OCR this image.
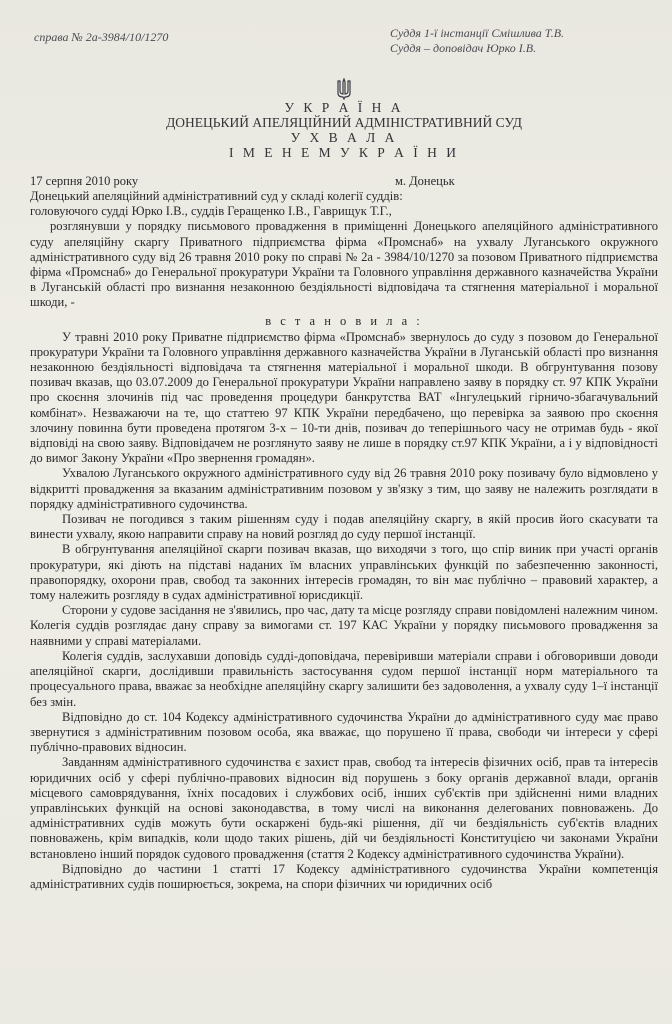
справа № 2а-3984/10/1270	Суддя 1-ї інстанції Смішлива Т.В.
Суддя – доповідач Юрко І.В.
У К Р А Ї Н А
ДОНЕЦЬКИЙ АПЕЛЯЦІЙНИЙ АДМІНІСТРАТИВНИЙ СУД
У Х В А Л А
І М Е Н Е М У К Р А Ї Н И
17 серпня 2010 року	м. Донецьк

Донецький апеляційний адміністративний суд у складі колегії суддів:

головуючого судді Юрко І.В., суддів Геращенко І.В., Гаврищук Т.Г.,

розглянувши у порядку письмового провадження в приміщенні Донецького апеляційного адміністративного суду апеляційну скаргу Приватного підприємства фірма «Промснаб» на ухвалу Луганського окружного адміністративного суду від 26 травня 2010 року по справі № 2а - 3984/10/1270 за позовом Приватного підприємства фірма «Промснаб» до Генеральної прокуратури України та Головного управління державного казначейства України в Луганській області про визнання незаконною бездіяльності відповідача та стягнення матеріальної і моральної шкоди, -

в с т а н о в и л а :

У травні 2010 року Приватне підприємство фірма «Промснаб» звернулось до суду з позовом до Генеральної прокуратури України та Головного управління державного казначейства України в Луганській області про визнання незаконною бездіяльності відповідача та стягнення матеріальної і моральної шкоди. В обгрунтування позову позивач вказав, що 03.07.2009 до Генеральної прокуратури України направлено заяву в порядку ст. 97 КПК України про скоєння злочинів під час проведення процедури банкрутства ВАТ «Інгулецький гірничо-збагачувальний комбінат». Незважаючи на те, що статтею 97 КПК України передбачено, що перевірка за заявою про скоєння злочину повинна бути проведена протягом 3-х – 10-ти днів, позивач до теперішнього часу не отримав будь - якої відповіді на свою заяву. Відповідачем не розглянуто заяву не лише в порядку ст.97 КПК України, а і у відповідності до вимог Закону України «Про звернення громадян».

Ухвалою Луганського окружного адміністративного суду від 26 травня 2010 року позивачу було відмовлено у відкритті провадження за вказаним адміністративним позовом у зв'язку з тим, що заяву не належить розглядати в порядку адміністративного судочинства.

Позивач не погодився з таким рішенням суду і подав апеляційну скаргу, в якій просив його скасувати та винести ухвалу, якою направити справу на новий розгляд до суду першої інстанції.

В обгрунтування апеляційної скарги позивач вказав, що виходячи з того, що спір виник при участі органів прокуратури, які діють на підставі наданих їм власних управлінських функцій по забезпеченню законності, правопорядку, охорони прав, свобод та законних інтересів громадян, то він має публічно – правовий характер, а тому належить розгляду в судах адміністративної юрисдикції.

Сторони у судове засідання не з'явились, про час, дату та місце розгляду справи повідомлені належним чином. Колегія суддів розглядає дану справу за вимогами ст. 197 КАС України у порядку письмового провадження за наявними у справі матеріалами.

Колегія суддів, заслухавши доповідь судді-доповідача, перевіривши матеріали справи і обговоривши доводи апеляційної скарги, дослідивши правильність застосування судом першої інстанції норм матеріального та процесуального права, вважає за необхідне апеляційну скаргу залишити без задоволення, а ухвалу суду 1–ї інстанції без змін.

Відповідно до ст. 104 Кодексу адміністративного судочинства України до адміністративного суду має право звернутися з адміністративним позовом особа, яка вважає, що порушено її права, свободи чи інтереси у сфері публічно-правових відносин.

Завданням адміністративного судочинства є захист прав, свобод та інтересів фізичних осіб, прав та інтересів юридичних осіб у сфері публічно-правових відносин від порушень з боку органів державної влади, органів місцевого самоврядування, їхніх посадових і службових осіб, інших суб'єктів при здійсненні ними владних управлінських функцій на основі законодавства, в тому числі на виконання делегованих повноважень. До адміністративних судів можуть бути оскаржені будь-які рішення, дії чи бездіяльність суб'єктів владних повноважень, крім випадків, коли щодо таких рішень, дій чи бездіяльності Конституцією чи законами України встановлено інший порядок судового провадження (стаття 2 Кодексу адміністративного судочинства України).

Відповідно до частини 1 статті 17 Кодексу адміністративного судочинства України компетенція адміністративних судів поширюється, зокрема, на спори фізичних чи юридичних осіб
